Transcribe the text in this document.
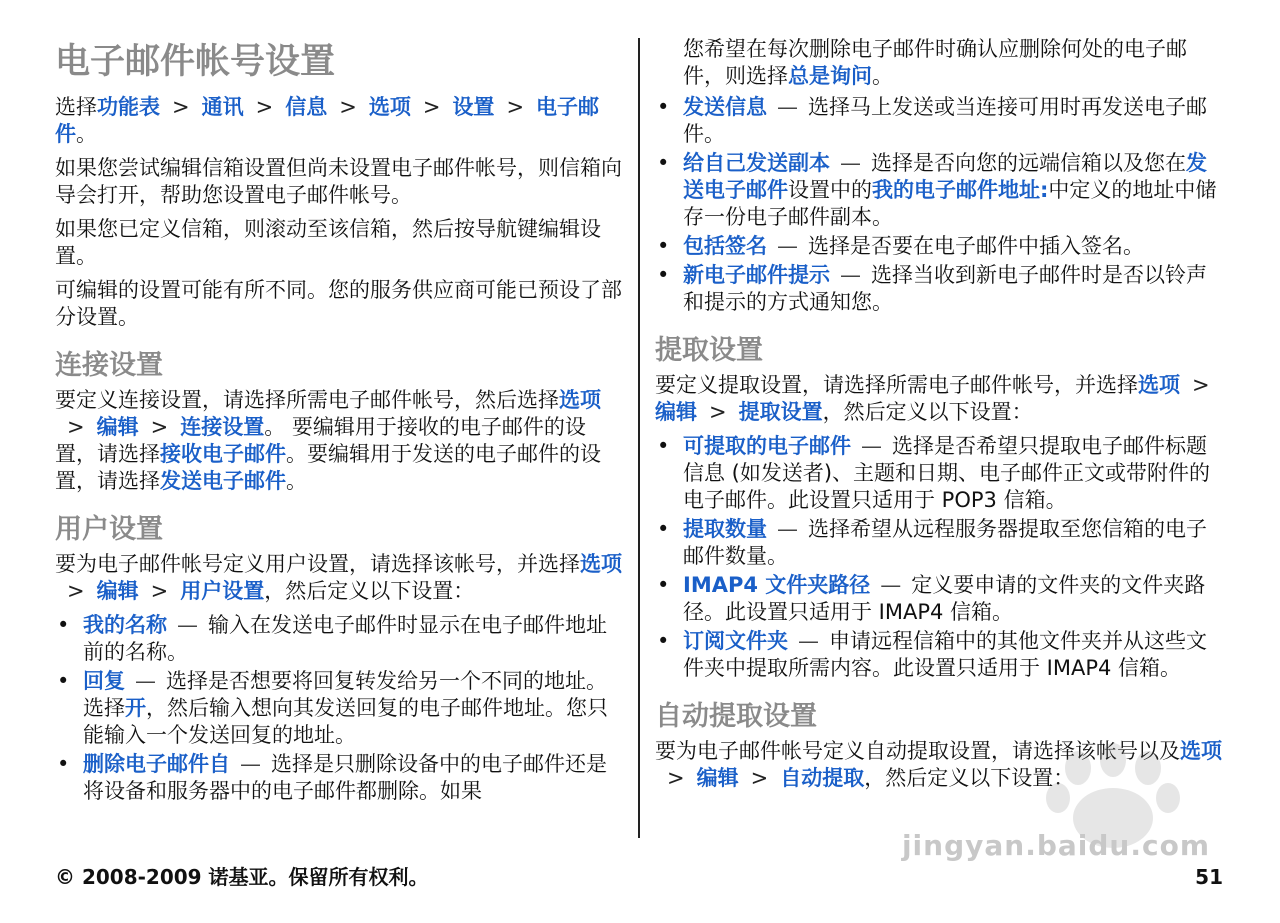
电子邮件帐号设置

选择功能表 > 通讯 > 信息 > 选项 > 设置 > 电子邮件。

如果您尝试编辑信箱设置但尚未设置电子邮件帐号，则信箱向导会打开，帮助您设置电子邮件帐号。

如果您已定义信箱，则滚动至该信箱，然后按导航键编辑设置。

可编辑的设置可能有所不同。您的服务供应商可能已预设了部分设置。

连接设置

要定义连接设置，请选择所需电子邮件帐号，然后选择选项> 编辑 > 连接设置。 要编辑用于接收的电子邮件的设置，请选择接收电子邮件。要编辑用于发送的电子邮件的设置，请选择发送电子邮件。

用户设置

要为电子邮件帐号定义用户设置，请选择该帐号，并选择选项> 编辑 > 用户设置，然后定义以下设置：

• 我的名称 — 输入在发送电子邮件时显示在电子邮件地址前的名称。
• 回复 — 选择是否想要将回复转发给另一个不同的地址。选择开，然后输入想向其发送回复的电子邮件地址。您只能输入一个发送回复的地址。
• 删除电子邮件自 — 选择是只删除设备中的电子邮件还是将设备和服务器中的电子邮件都删除。如果
您希望在每次删除电子邮件时确认应删除何处的电子邮件，则选择总是询问。
• 发送信息 — 选择马上发送或当连接可用时再发送电子邮件。
• 给自己发送副本 — 选择是否向您的远端信箱以及您在发送电子邮件设置中的我的电子邮件地址:中定义的地址中储存一份电子邮件副本。
• 包括签名 — 选择是否要在电子邮件中插入签名。
• 新电子邮件提示 — 选择当收到新电子邮件时是否以铃声和提示的方式通知您。
提取设置

要定义提取设置，请选择所需电子邮件帐号，并选择选项 >编辑 > 提取设置，然后定义以下设置：

• 可提取的电子邮件 — 选择是否希望只提取电子邮件标题信息 (如发送者)、主题和日期、电子邮件正文或带附件的电子邮件。此设置只适用于 POP3 信箱。
• 提取数量 — 选择希望从远程服务器提取至您信箱的电子邮件数量。
• IMAP4 文件夹路径 — 定义要申请的文件夹的文件夹路径。此设置只适用于 IMAP4 信箱。
• 订阅文件夹 — 申请远程信箱中的其他文件夹并从这些文件夹中提取所需内容。此设置只适用于 IMAP4 信箱。
自动提取设置

要为电子邮件帐号定义自动提取设置，请选择该帐号以及选项> 编辑 > 自动提取，然后定义以下设置：

jingyan.baidu.com
© 2008-2009 诺基亚。保留所有权利。	51
